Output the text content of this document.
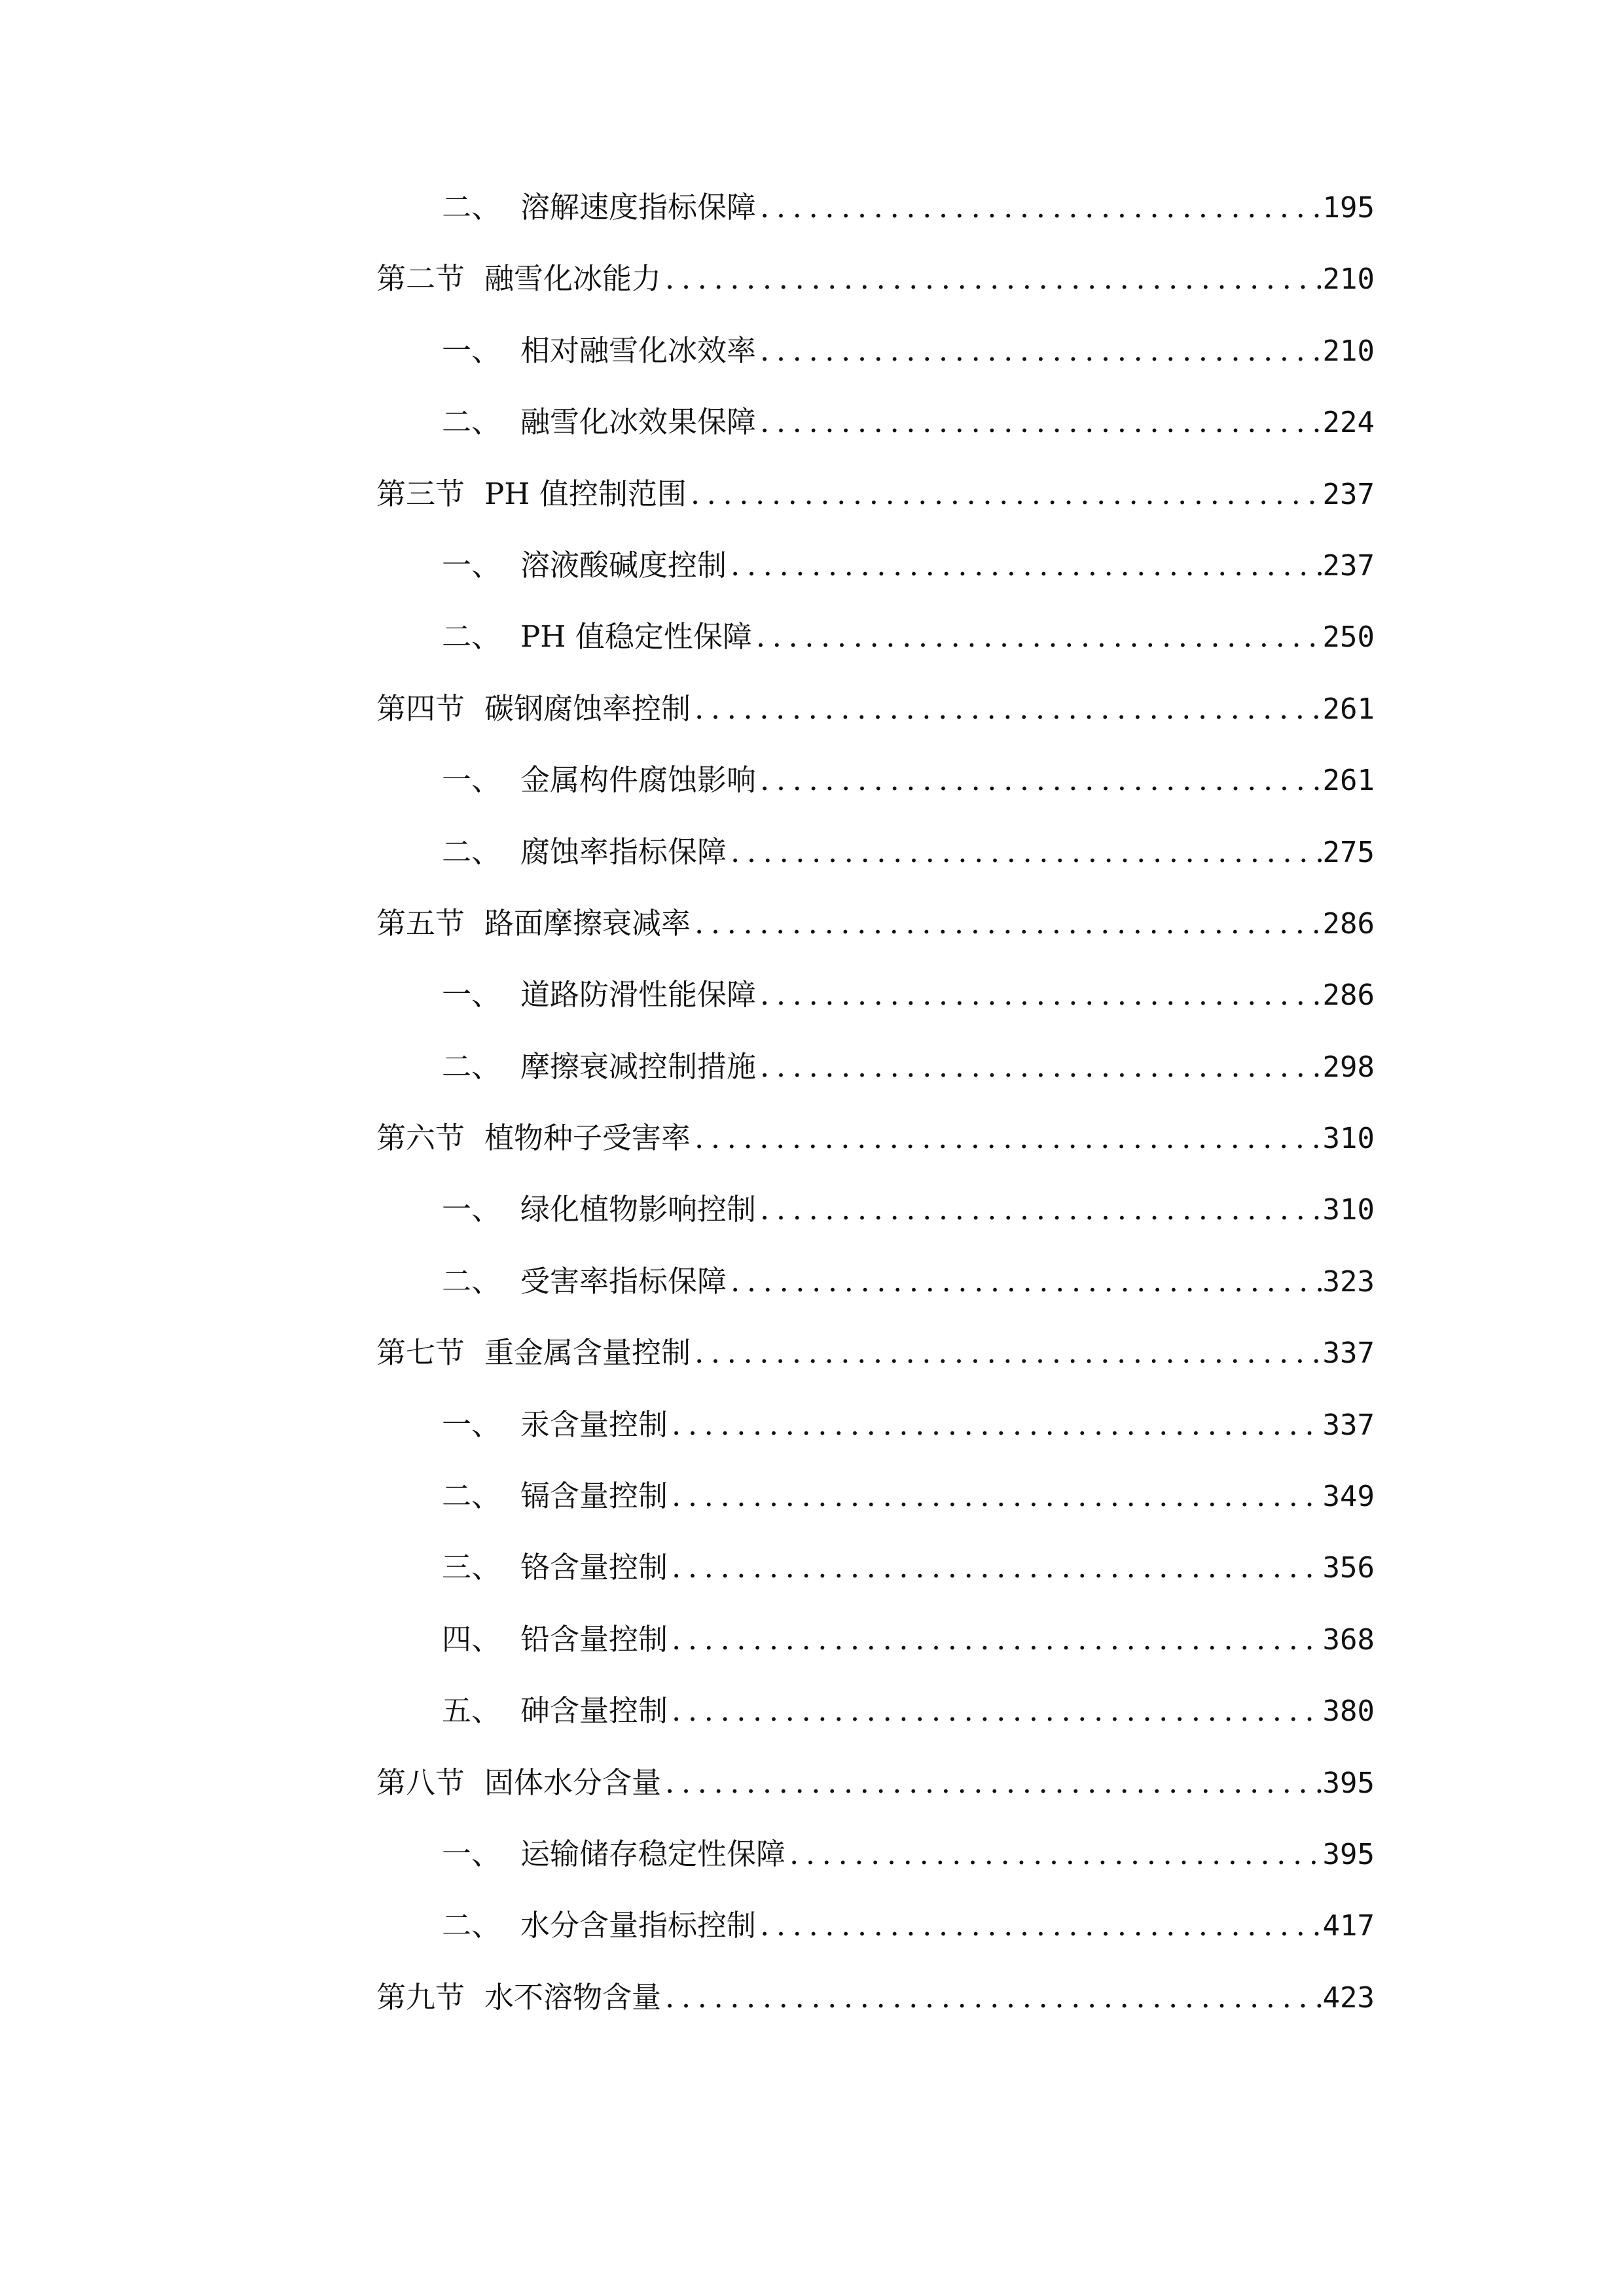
二、 溶解速度指标保障 .....	195
第二节 融雪化冰能力 .....	210
一、 相对融雪化冰效率 .....	210
二、 融雪化冰效果保障 .....	224
第三节 PH 值控制范围 .....	237
一、 溶液酸碱度控制 .....	237
二、 PH 值稳定性保障 .....	250
第四节 碳钢腐蚀率控制 .....	261
一、 金属构件腐蚀影响 .....	261
二、 腐蚀率指标保障 .....	275
第五节 路面摩擦衰减率 .....	286
一、 道路防滑性能保障 .....	286
二、 摩擦衰减控制措施 .....	298
第六节 植物种子受害率 .....	310
一、 绿化植物影响控制 .....	310
二、 受害率指标保障 .....	323
第七节 重金属含量控制 .....	337
一、 汞含量控制 .....	337
二、 镉含量控制 .....	349
三、 铬含量控制 .....	356
四、 铅含量控制 .....	368
五、 砷含量控制 .....	380
第八节 固体水分含量 .....	395
一、 运输储存稳定性保障 .....	395
二、 水分含量指标控制 .....	417
第九节 水不溶物含量 .....	423
